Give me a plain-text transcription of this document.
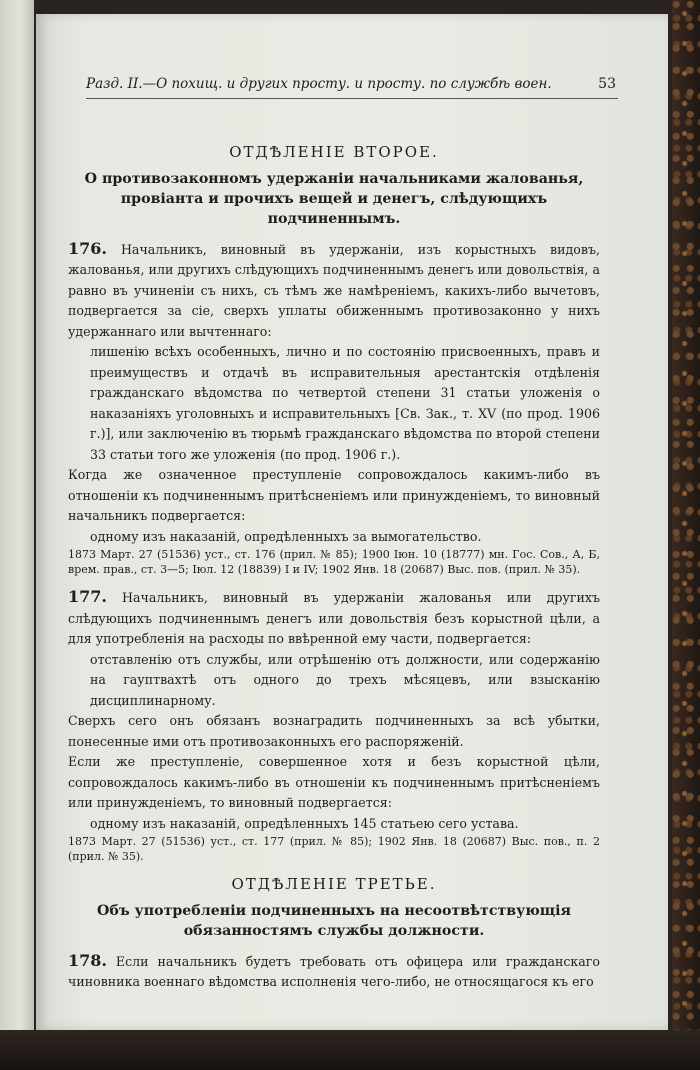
Разд. II.—О похищ. и других просту. и просту. по службѣ воен.	53
ОТДѢЛЕНІЕ ВТОРОЕ.
О противозаконномъ удержаніи начальниками жалованья, провіанта и прочихъ вещей и денегъ, слѣдующихъ подчиненнымъ.

176. Начальникъ, виновный въ удержаніи, изъ корыстныхъ видовъ, жалованья, или другихъ слѣдующихъ подчиненнымъ денегъ или довольствія, а равно въ учиненіи съ нихъ, съ тѣмъ же намѣреніемъ, какихъ-либо вычетовъ, подвергается за сіе, сверхъ уплаты обиженнымъ противозаконно у нихъ удержаннаго или вычтеннаго:

лишенію всѣхъ особенныхъ, лично и по состоянію присвоенныхъ, правъ и преимуществъ и отдачѣ въ исправительныя арестантскія отдѣленія гражданскаго вѣдомства по четвертой степени 31 статьи уложенія о наказаніяхъ уголовныхъ и исправительныхъ [Св. Зак., т. XV (по прод. 1906 г.)], или заключенію въ тюрьмѣ гражданскаго вѣдомства по второй степени 33 статьи того же уложенія (по прод. 1906 г.).

Когда же означенное преступленіе сопровождалось какимъ-либо въ отношеніи къ подчиненнымъ притѣсненіемъ или принужденіемъ, то виновный начальникъ подвергается:

одному изъ наказаній, опредѣленныхъ за вымогательство.

1873 Март. 27 (51536) уст., ст. 176 (прил. № 85); 1900 Іюн. 10 (18777) мн. Гос. Сов., А, Б, врем. прав., ст. 3—5; Іюл. 12 (18839) I и IV; 1902 Янв. 18 (20687) Выс. пов. (прил. № 35).

177. Начальникъ, виновный въ удержаніи жалованья или другихъ слѣдующихъ подчиненнымъ денегъ или довольствія безъ корыстной цѣли, а для употребленія на расходы по ввѣренной ему части, подвергается:

отставленію отъ службы, или отрѣшенію отъ должности, или содержанію на гауптвахтѣ отъ одного до трехъ мѣсяцевъ, или взысканію дисциплинарному.

Сверхъ сего онъ обязанъ вознаградить подчиненныхъ за всѣ убытки, понесенные ими отъ противозаконныхъ его распоряженій.

Если же преступленіе, совершенное хотя и безъ корыстной цѣли, сопровождалось какимъ-либо въ отношеніи къ подчиненнымъ притѣсненіемъ или принужденіемъ, то виновный подвергается:

одному изъ наказаній, опредѣленныхъ 145 статьею сего устава.

1873 Март. 27 (51536) уст., ст. 177 (прил. № 85); 1902 Янв. 18 (20687) Выс. пов., п. 2 (прил. № 35).

ОТДѢЛЕНІЕ ТРЕТЬЕ.
Объ употребленіи подчиненныхъ на несоотвѣтствующія обязанностямъ службы должности.

178. Если начальникъ будетъ требовать отъ офицера или гражданскаго чиновника военнаго вѣдомства исполненія чего-либо, не относящагося къ его
